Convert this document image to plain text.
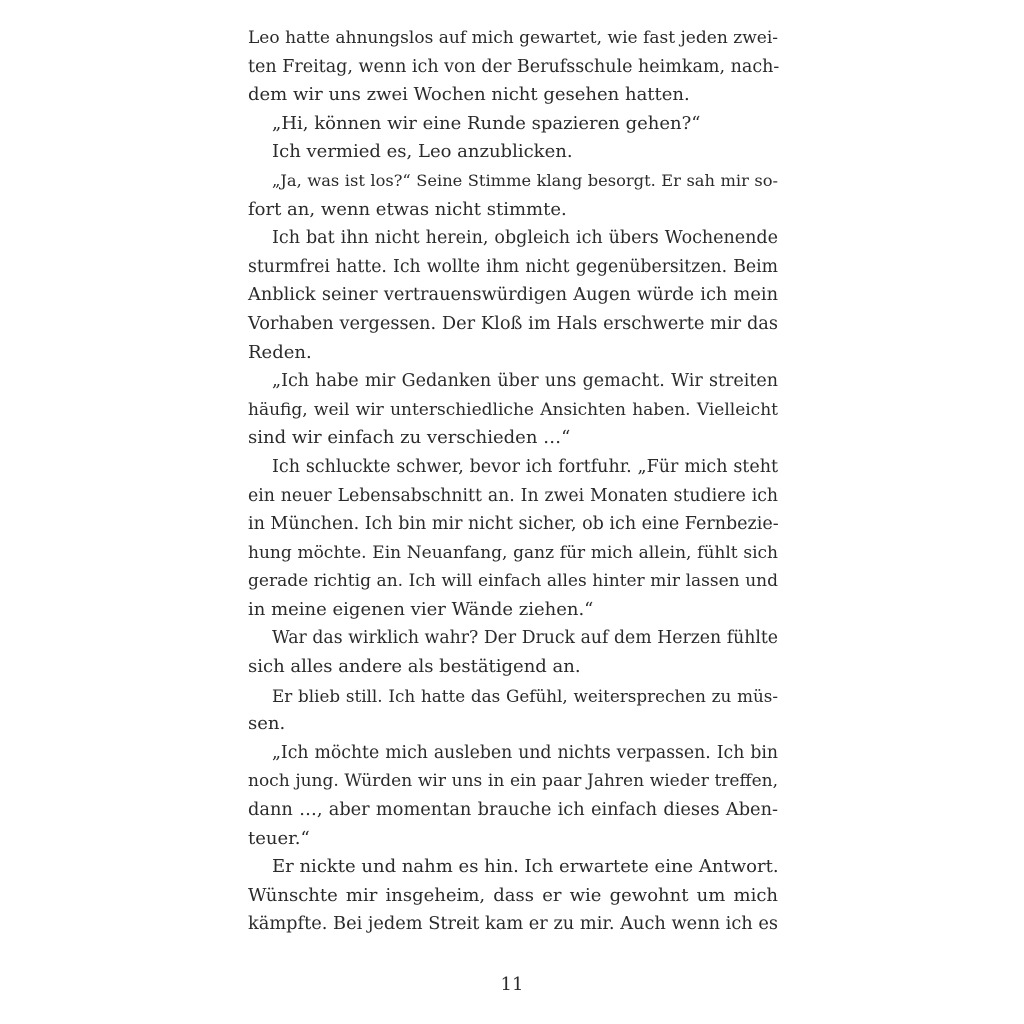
Leo hatte ahnungslos auf mich gewartet, wie fast jeden zwei-
ten Freitag, wenn ich von der Berufsschule heimkam, nach-
dem wir uns zwei Wochen nicht gesehen hatten.
„Hi, können wir eine Runde spazieren gehen?“
Ich vermied es, Leo anzublicken.
„Ja, was ist los?“ Seine Stimme klang besorgt. Er sah mir so-
fort an, wenn etwas nicht stimmte.
Ich bat ihn nicht herein, obgleich ich übers Wochenende
sturmfrei hatte. Ich wollte ihm nicht gegenübersitzen. Beim
Anblick seiner vertrauenswürdigen Augen würde ich mein
Vorhaben vergessen. Der Kloß im Hals erschwerte mir das
Reden.
„Ich habe mir Gedanken über uns gemacht. Wir streiten
häufig, weil wir unterschiedliche Ansichten haben. Vielleicht
sind wir einfach zu verschieden …“
Ich schluckte schwer, bevor ich fortfuhr. „Für mich steht
ein neuer Lebensabschnitt an. In zwei Monaten studiere ich
in München. Ich bin mir nicht sicher, ob ich eine Fernbezie-
hung möchte. Ein Neuanfang, ganz für mich allein, fühlt sich
gerade richtig an. Ich will einfach alles hinter mir lassen und
in meine eigenen vier Wände ziehen.“
War das wirklich wahr? Der Druck auf dem Herzen fühlte
sich alles andere als bestätigend an.
Er blieb still. Ich hatte das Gefühl, weitersprechen zu müs-
sen.
„Ich möchte mich ausleben und nichts verpassen. Ich bin
noch jung. Würden wir uns in ein paar Jahren wieder treffen,
dann …, aber momentan brauche ich einfach dieses Aben-
teuer.“
Er nickte und nahm es hin. Ich erwartete eine Antwort.
Wünschte mir insgeheim, dass er wie gewohnt um mich
kämpfte. Bei jedem Streit kam er zu mir. Auch wenn ich es
11
